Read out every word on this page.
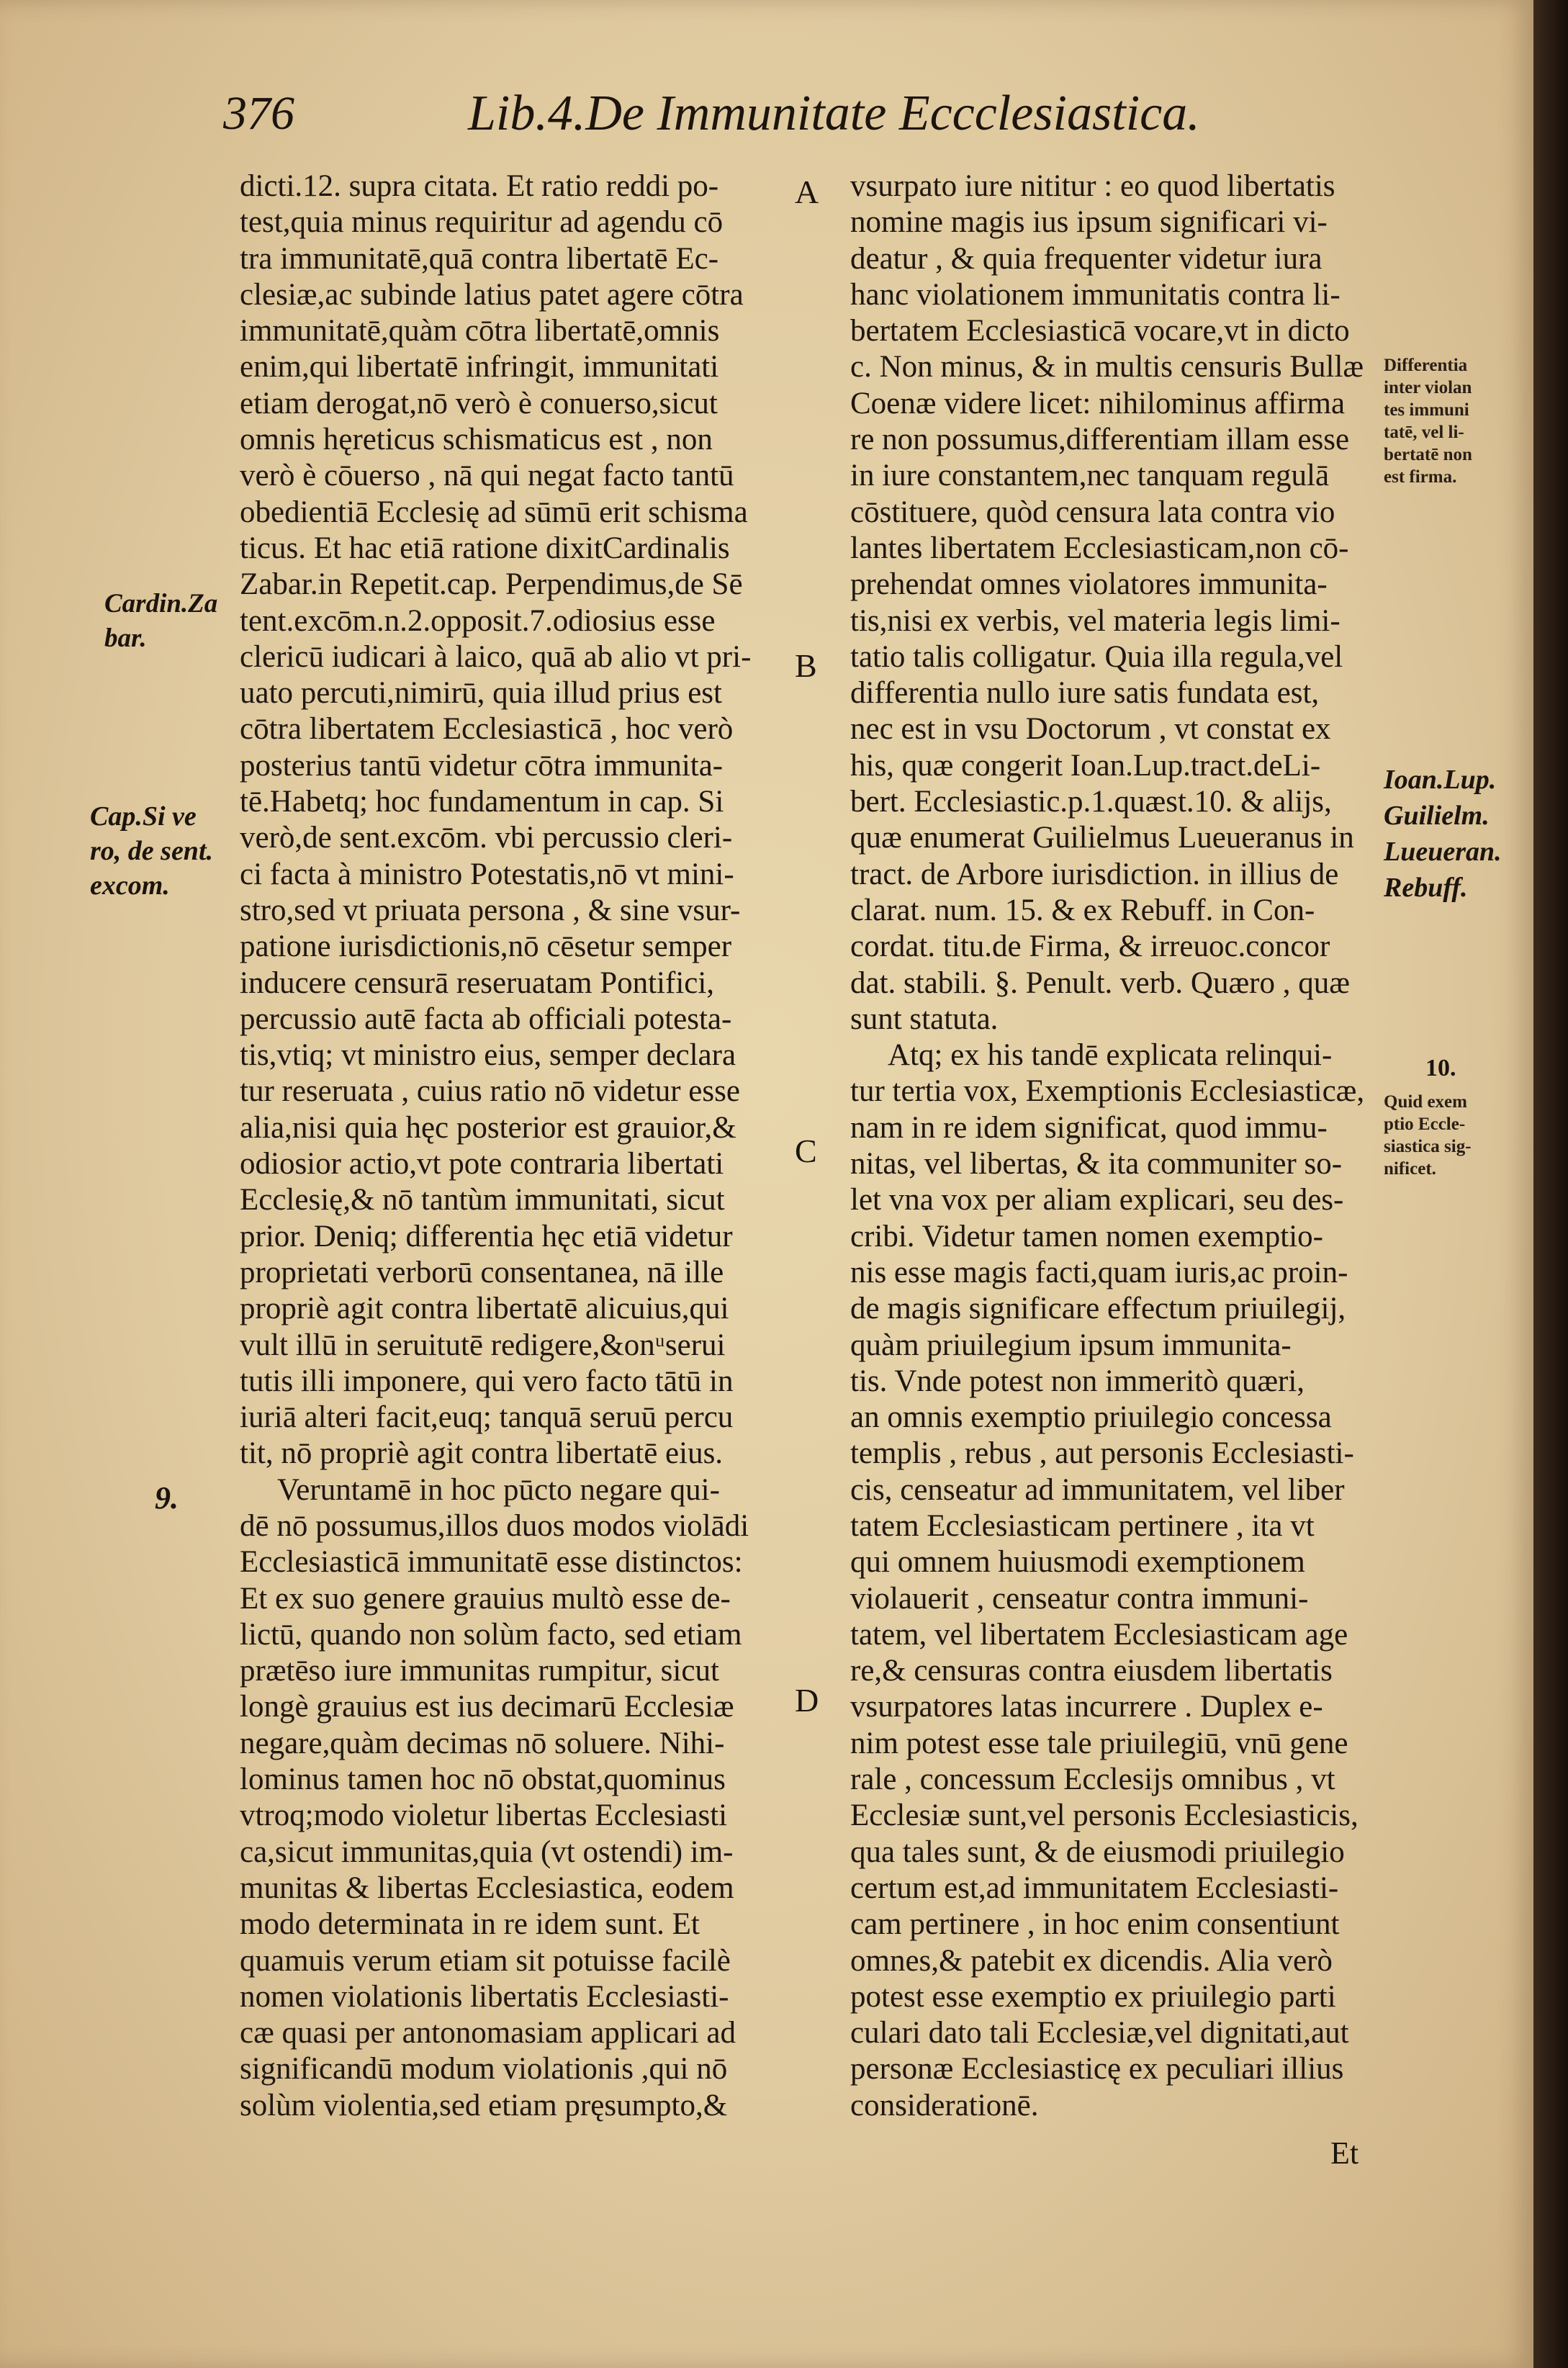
376	Lib.4.De Immunitate Eccclesiastica.
dicti.12. supra citata. Et ratio reddi po-
test,quia minus requiritur ad agendu cō
tra immunitatē,quā contra libertatē Ec-
clesiæ,ac subinde latius patet agere cōtra
immunitatē,quàm cōtra libertatē,omnis
enim,qui libertatē infringit, immunitati
etiam derogat,nō verò è conuerso,sicut
omnis hęreticus schismaticus est , non
verò è cōuerso , nā qui negat facto tantū
obedientiā Ecclesię ad sūmū erit schisma
ticus. Et hac etiā ratione dixitCardinalis
Zabar.in Repetit.cap. Perpendimus,de Sē
tent.excōm.n.2.opposit.7.odiosius esse
clericū iudicari à laico, quā ab alio vt pri-
uato percuti,nimirū, quia illud prius est
cōtra libertatem Ecclesiasticā , hoc verò
posterius tantū videtur cōtra immunita-
tē.Habetq; hoc fundamentum in cap. Si
verò,de sent.excōm. vbi percussio cleri-
ci facta à ministro Potestatis,nō vt mini-
stro,sed vt priuata persona , & sine vsur-
patione iurisdictionis,nō cēsetur semper
inducere censurā reseruatam Pontifici,
percussio autē facta ab officiali potesta-
tis,vtiq; vt ministro eius, semper declara
tur reseruata , cuius ratio nō videtur esse
alia,nisi quia hęc posterior est grauior,&
odiosior actio,vt pote contraria libertati
Ecclesię,& nō tantùm immunitati, sicut
prior. Deniq; differentia hęc etiā videtur
proprietati verborū consentanea, nā ille
propriè agit contra libertatē alicuius,qui
vult illū in seruitutē redigere,&onᵘserui
tutis illi imponere, qui vero facto tātū in
iuriā alteri facit,euq; tanquā seruū percu
tit, nō propriè agit contra libertatē eius.
Veruntamē in hoc pūcto negare qui-
dē nō possumus,illos duos modos violādi
Ecclesiasticā immunitatē esse distinctos:
Et ex suo genere grauius multò esse de-
lictū, quando non solùm facto, sed etiam
prætēso iure immunitas rumpitur, sicut
longè grauius est ius decimarū Ecclesiæ
negare,quàm decimas nō soluere. Nihi-
lominus tamen hoc nō obstat,quominus
vtroq;modo violetur libertas Ecclesiasti
ca,sicut immunitas,quia (vt ostendi) im-
munitas & libertas Ecclesiastica, eodem
modo determinata in re idem sunt. Et
quamuis verum etiam sit potuisse facilè
nomen violationis libertatis Ecclesiasti-
cæ quasi per antonomasiam applicari ad
significandū modum violationis ,qui nō
solùm violentia,sed etiam pręsumpto,&
vsurpato iure nititur : eo quod libertatis
nomine magis ius ipsum significari vi-
deatur , & quia frequenter videtur iura
hanc violationem immunitatis contra li-
bertatem Ecclesiasticā vocare,vt in dicto
c. Non minus, & in multis censuris Bullæ
Coenæ videre licet: nihilominus affirma
re non possumus,differentiam illam esse
in iure constantem,nec tanquam regulā
cōstituere, quòd censura lata contra vio
lantes libertatem Ecclesiasticam,non cō-
prehendat omnes violatores immunita-
tis,nisi ex verbis, vel materia legis limi-
tatio talis colligatur. Quia illa regula,vel
differentia nullo iure satis fundata est,
nec est in vsu Doctorum , vt constat ex
his, quæ congerit Ioan.Lup.tract.deLi-
bert. Ecclesiastic.p.1.quæst.10. & alijs,
quæ enumerat Guilielmus Lueueranus in
tract. de Arbore iurisdiction. in illius de
clarat. num. 15. & ex Rebuff. in Con-
cordat. titu.de Firma, & irreuoc.concor
dat. stabili. §. Penult. verb. Quæro , quæ
sunt statuta.
Atq; ex his tandē explicata relinqui-
tur tertia vox, Exemptionis Ecclesiasticæ,
nam in re idem significat, quod immu-
nitas, vel libertas, & ita communiter so-
let vna vox per aliam explicari, seu des-
cribi. Videtur tamen nomen exemptio-
nis esse magis facti,quam iuris,ac proin-
de magis significare effectum priuilegij,
quàm priuilegium ipsum immunita-
tis. Vnde potest non immeritò quæri,
an omnis exemptio priuilegio concessa
templis , rebus , aut personis Ecclesiasti-
cis, censeatur ad immunitatem, vel liber
tatem Ecclesiasticam pertinere , ita vt
qui omnem huiusmodi exemptionem
violauerit , censeatur contra immuni-
tatem, vel libertatem Ecclesiasticam age
re,& censuras contra eiusdem libertatis
vsurpatores latas incurrere . Duplex e-
nim potest esse tale priuilegiū, vnū gene
rale , concessum Ecclesijs omnibus , vt
Ecclesiæ sunt,vel personis Ecclesiasticis,
qua tales sunt, & de eiusmodi priuilegio
certum est,ad immunitatem Ecclesiasti-
cam pertinere , in hoc enim consentiunt
omnes,& patebit ex dicendis. Alia verò
potest esse exemptio ex priuilegio parti
culari dato tali Ecclesiæ,vel dignitati,aut
personæ Ecclesiasticę ex peculiari illius
considerationē.
A
B
C
D
Cardin.Za
bar.
Cap.Si ve
ro, de sent.
excom.
9.
Differentia
inter violan
tes immuni
tatē, vel li-
bertatē non
est firma.
Ioan.Lup.
Guilielm.
Lueueran.
Rebuff.
10.
Quid exem
ptio Eccle-
siastica sig-
nificet.
Et
